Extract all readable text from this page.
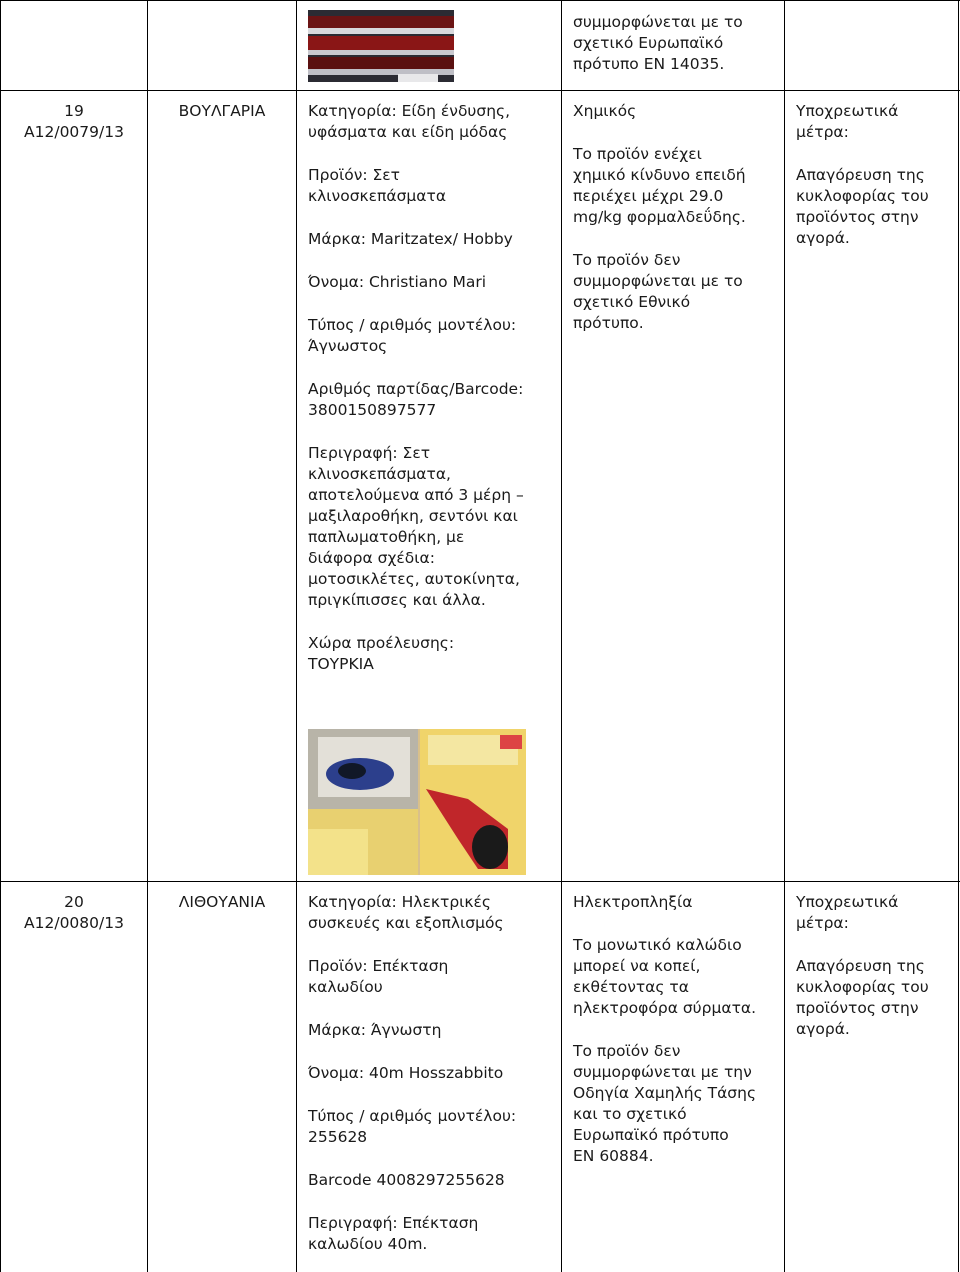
συμμορφώνεται με το

σχετικό Ευρωπαϊκό

πρότυπο EN 14035.

19

A12/0079/13

ΒΟΥΛΓΑΡΙΑ	Κατηγορία: Είδη ένδυσης,

υφάσματα και είδη μόδας

Προϊόν: Σετ

κλινοσκεπάσματα

Μάρκα: Maritzatex/ Hobby

Όνομα: Christiano Mari

Τύπος / αριθμός μοντέλου:

Άγνωστος

Αριθμός παρτίδας/Barcode:

3800150897577

Περιγραφή: Σετ

κλινοσκεπάσματα,

αποτελούμενα από 3 μέρη –

μαξιλαροθήκη, σεντόνι και

παπλωματοθήκη, με

διάφορα σχέδια:

μοτοσικλέτες, αυτοκίνητα,

πριγκίπισσες και άλλα.

Χώρα προέλευσης:

ΤΟΥΡΚΙΑ

Χημικός

Το προϊόν ενέχει

χημικό κίνδυνο επειδή

περιέχει μέχρι 29.0

mg/kg φορμαλδεΰδης.

Το προϊόν δεν

συμμορφώνεται με το

σχετικό Εθνικό

πρότυπο.

Υποχρεωτικά

μέτρα:

Απαγόρευση της

κυκλοφορίας του

προϊόντος στην

αγορά.

20

A12/0080/13

ΛΙΘΟΥΑΝΙΑ	Κατηγορία: Ηλεκτρικές

συσκευές και εξοπλισμός

Προϊόν: Επέκταση

καλωδίου

Μάρκα: Άγνωστη

Όνομα: 40m Hosszabbito

Τύπος / αριθμός μοντέλου:

255628

Barcode 4008297255628

Περιγραφή: Επέκταση

καλωδίου 40m.

Ηλεκτροπληξία

Το μονωτικό καλώδιο

μπορεί να κοπεί,

εκθέτοντας τα

ηλεκτροφόρα σύρματα.

Το προϊόν δεν

συμμορφώνεται με την

Οδηγία Χαμηλής Τάσης

και το σχετικό

Ευρωπαϊκό πρότυπο

EN 60884.

Υποχρεωτικά

μέτρα:

Απαγόρευση της

κυκλοφορίας του

προϊόντος στην

αγορά.
